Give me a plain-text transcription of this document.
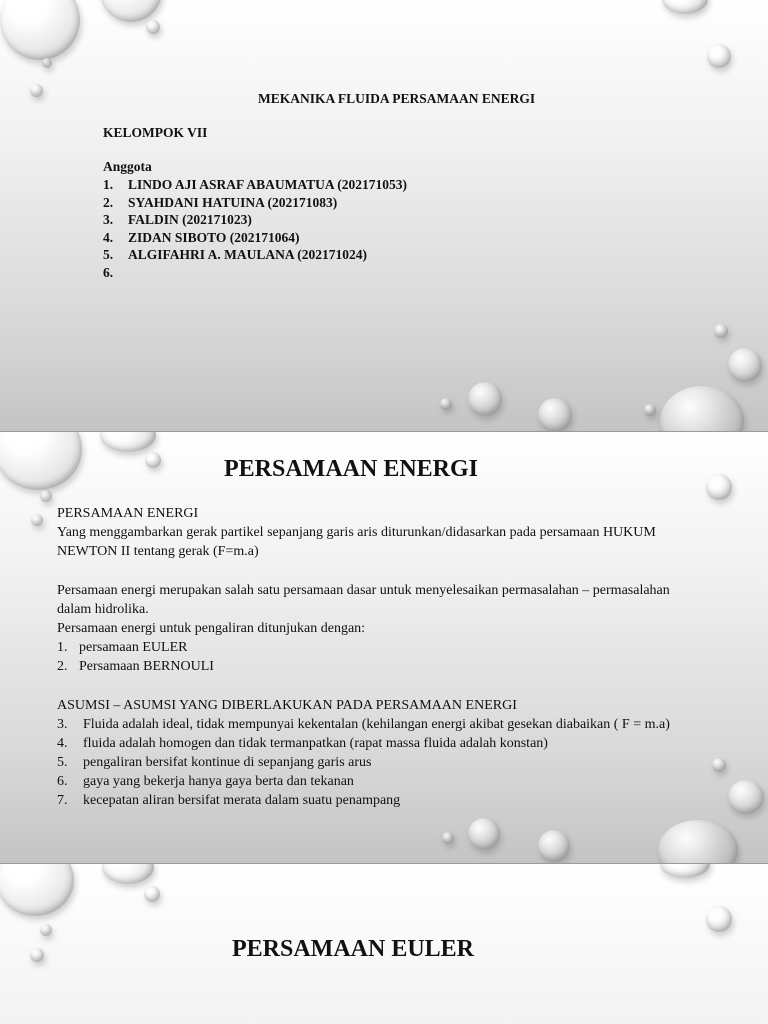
MEKANIKA FLUIDA PERSAMAAN ENERGI

KELOMPOK VII

Anggota

1. LINDO AJI ASRAF ABAUMATUA (202171053)
2. SYAHDANI HATUINA (202171083)
3. FALDIN (202171023)
4. ZIDAN SIBOTO (202171064)
5. ALGIFAHRI A. MAULANA (202171024)
6.

PERSAMAAN ENERGI

PERSAMAAN ENERGI

Yang menggambarkan gerak partikel sepanjang garis aris diturunkan/didasarkan pada persamaan HUKUM

NEWTON II tentang gerak (F=m.a)

Persamaan energi merupakan salah satu persamaan dasar untuk menyelesaikan permasalahan – permasalahan

dalam hidrolika.

Persamaan energi untuk pengaliran ditunjukan dengan:

1. persamaan EULER
2. Persamaan BERNOULI

ASUMSI – ASUMSI YANG DIBERLAKUKAN PADA PERSAMAAN ENERGI

3. Fluida adalah ideal, tidak mempunyai kekentalan (kehilangan energi akibat gesekan diabaikan ( F = m.a)
4. fluida adalah homogen dan tidak termanpatkan (rapat massa fluida adalah konstan)
5. pengaliran bersifat kontinue di sepanjang garis arus
6. gaya yang bekerja hanya gaya berta dan tekanan
7. kecepatan aliran bersifat merata dalam suatu penampang

PERSAMAAN EULER
